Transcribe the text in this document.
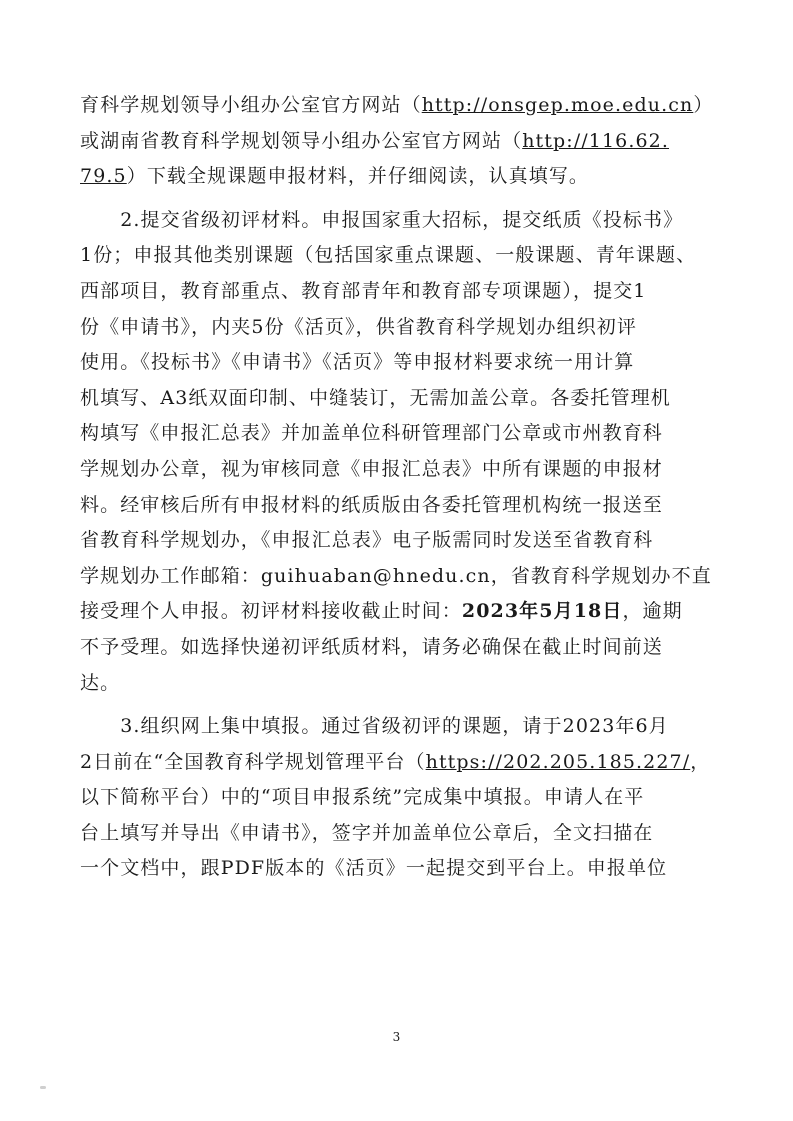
育科学规划领导小组办公室官方网站（http://onsgep.moe.edu.cn）
或湖南省教育科学规划领导小组办公室官方网站（http://116.62.
79.5）下载全规课题申报材料，并仔细阅读，认真填写。
　　2.提交省级初评材料。申报国家重大招标，提交纸质《投标书》
1份；申报其他类别课题（包括国家重点课题、一般课题、青年课题、
西部项目，教育部重点、教育部青年和教育部专项课题），提交1
份《申请书》，内夹5份《活页》，供省教育科学规划办组织初评
使用。《投标书》《申请书》《活页》等申报材料要求统一用计算
机填写、A3纸双面印制、中缝装订，无需加盖公章。各委托管理机
构填写《申报汇总表》并加盖单位科研管理部门公章或市州教育科
学规划办公章，视为审核同意《申报汇总表》中所有课题的申报材
料。经审核后所有申报材料的纸质版由各委托管理机构统一报送至
省教育科学规划办，《申报汇总表》电子版需同时发送至省教育科
学规划办工作邮箱：guihuaban@hnedu.cn，省教育科学规划办不直
接受理个人申报。初评材料接收截止时间：2023年5月18日，逾期
不予受理。如选择快递初评纸质材料，请务必确保在截止时间前送
达。
　　3.组织网上集中填报。通过省级初评的课题，请于2023年6月
2日前在“全国教育科学规划管理平台（https://202.205.185.227/，
以下简称平台）中的“项目申报系统”完成集中填报。申请人在平
台上填写并导出《申请书》，签字并加盖单位公章后，全文扫描在
一个文档中，跟PDF版本的《活页》一起提交到平台上。申报单位
3
